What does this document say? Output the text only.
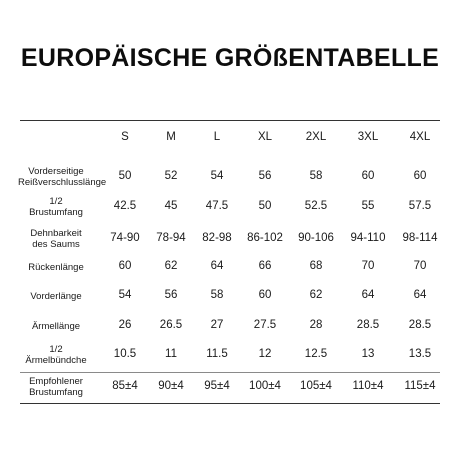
EUROPÄISCHE GRÖßENTABELLE
S	M	L	XL	2XL	3XL	4XL
Vorderseitige
Reißverschlusslänge
50	52	54	56	58	60	60
1/2
Brustumfang
42.5 45 47.5	50	52.5	55	57.5
Dehnbarkeit
des Saums
74-90 78-94 82-98 86-102 90-106 94-110 98-114
Rückenlänge	60	62	64	66	68	70	70
Vorderlänge	54	56	58	60	62	64	64
Ärmellänge	26 26.5 27	27.5	28	28.5	28.5
1/2
Ärmelbündche
10.5	11	11.5	12	12.5	13	13.5
Empfohlener
Brustumfang
85±4 90±4 95±4 100±4 105±4 110±4 115±4
